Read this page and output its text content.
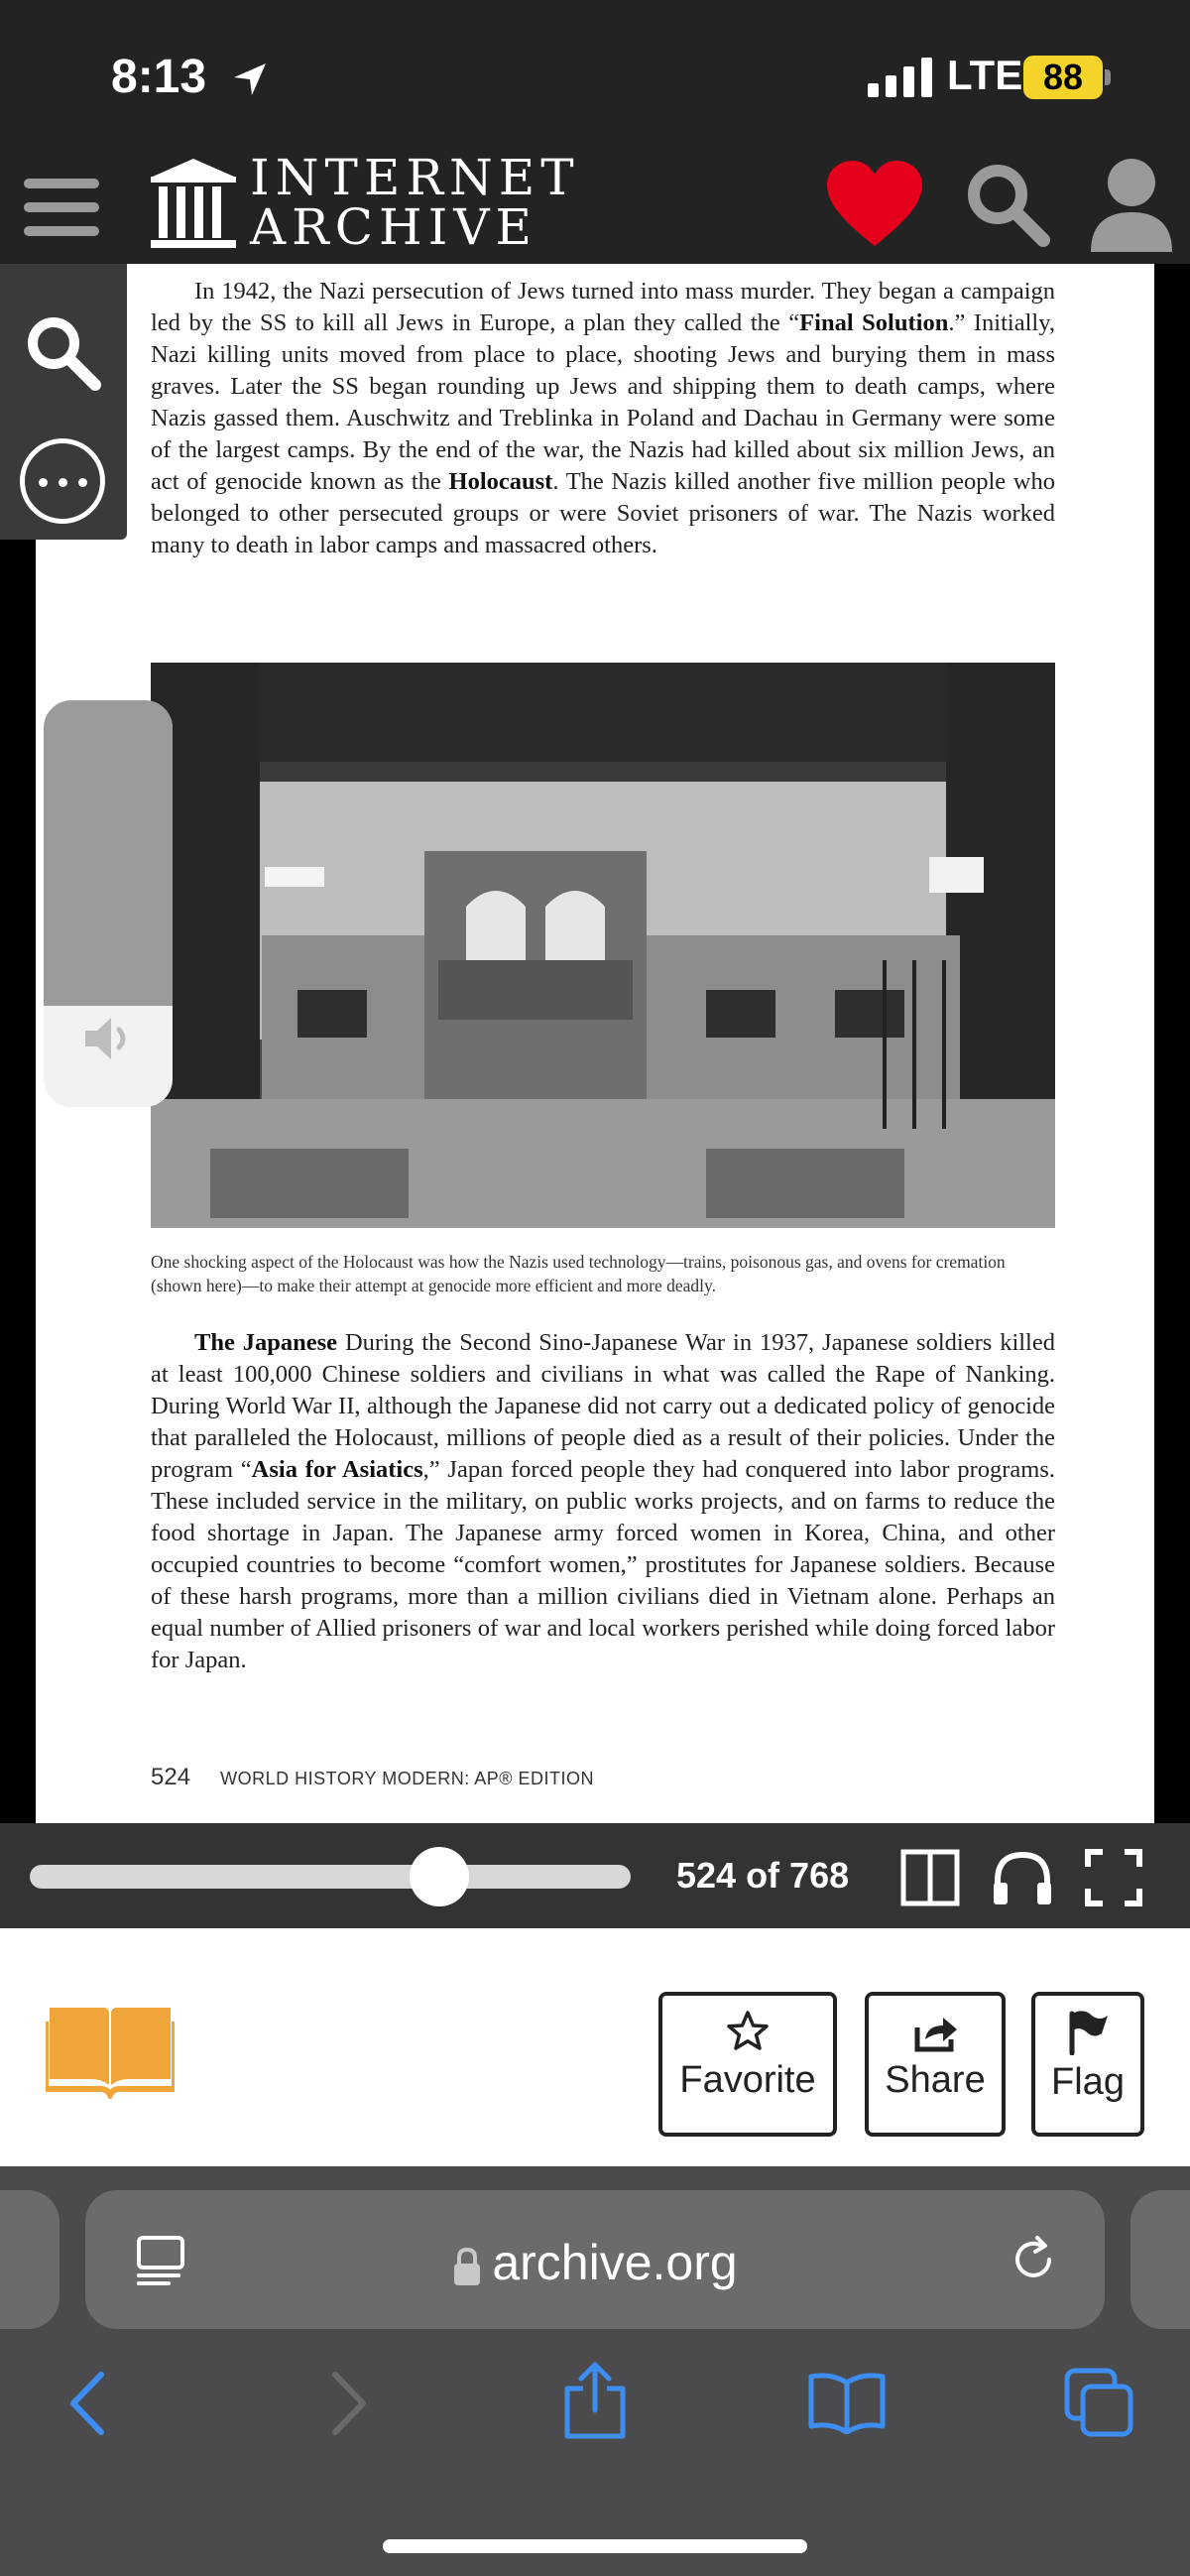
8:13	LTE 88
INTERNET
ARCHIVE
In 1942, the Nazi persecution of Jews turned into mass murder. They began a campaign led by the SS to kill all Jews in Europe, a plan they called the “Final Solution.” Initially, Nazi killing units moved from place to place, shooting Jews and burying them in mass graves. Later the SS began rounding up Jews and shipping them to death camps, where Nazis gassed them. Auschwitz and Treblinka in Poland and Dachau in Germany were some of the largest camps. By the end of the war, the Nazis had killed about six million Jews, an act of genocide known as the Holocaust. The Nazis killed another five million people who belonged to other persecuted groups or were Soviet prisoners of war. The Nazis worked many to death in labor camps and massacred others.
One shocking aspect of the Holocaust was how the Nazis used technology—trains, poisonous gas, and ovens for cremation (shown here)—to make their attempt at genocide more efficient and more deadly.
The Japanese During the Second Sino-Japanese War in 1937, Japanese soldiers killed at least 100,000 Chinese soldiers and civilians in what was called the Rape of Nanking. During World War II, although the Japanese did not carry out a dedicated policy of genocide that paralleled the Holocaust, millions of people died as a result of their policies. Under the program “Asia for Asiatics,” Japan forced people they had conquered into labor programs. These included service in the military, on public works projects, and on farms to reduce the food shortage in Japan. The Japanese army forced women in Korea, China, and other occupied countries to become “comfort women,” prostitutes for Japanese soldiers. Because of these harsh programs, more than a million civilians died in Vietnam alone. Perhaps an equal number of Allied prisoners of war and local workers perished while doing forced labor for Japan.
524 WORLD HISTORY MODERN: AP® EDITION
524 of 768
Favorite	Share	Flag
archive.org
